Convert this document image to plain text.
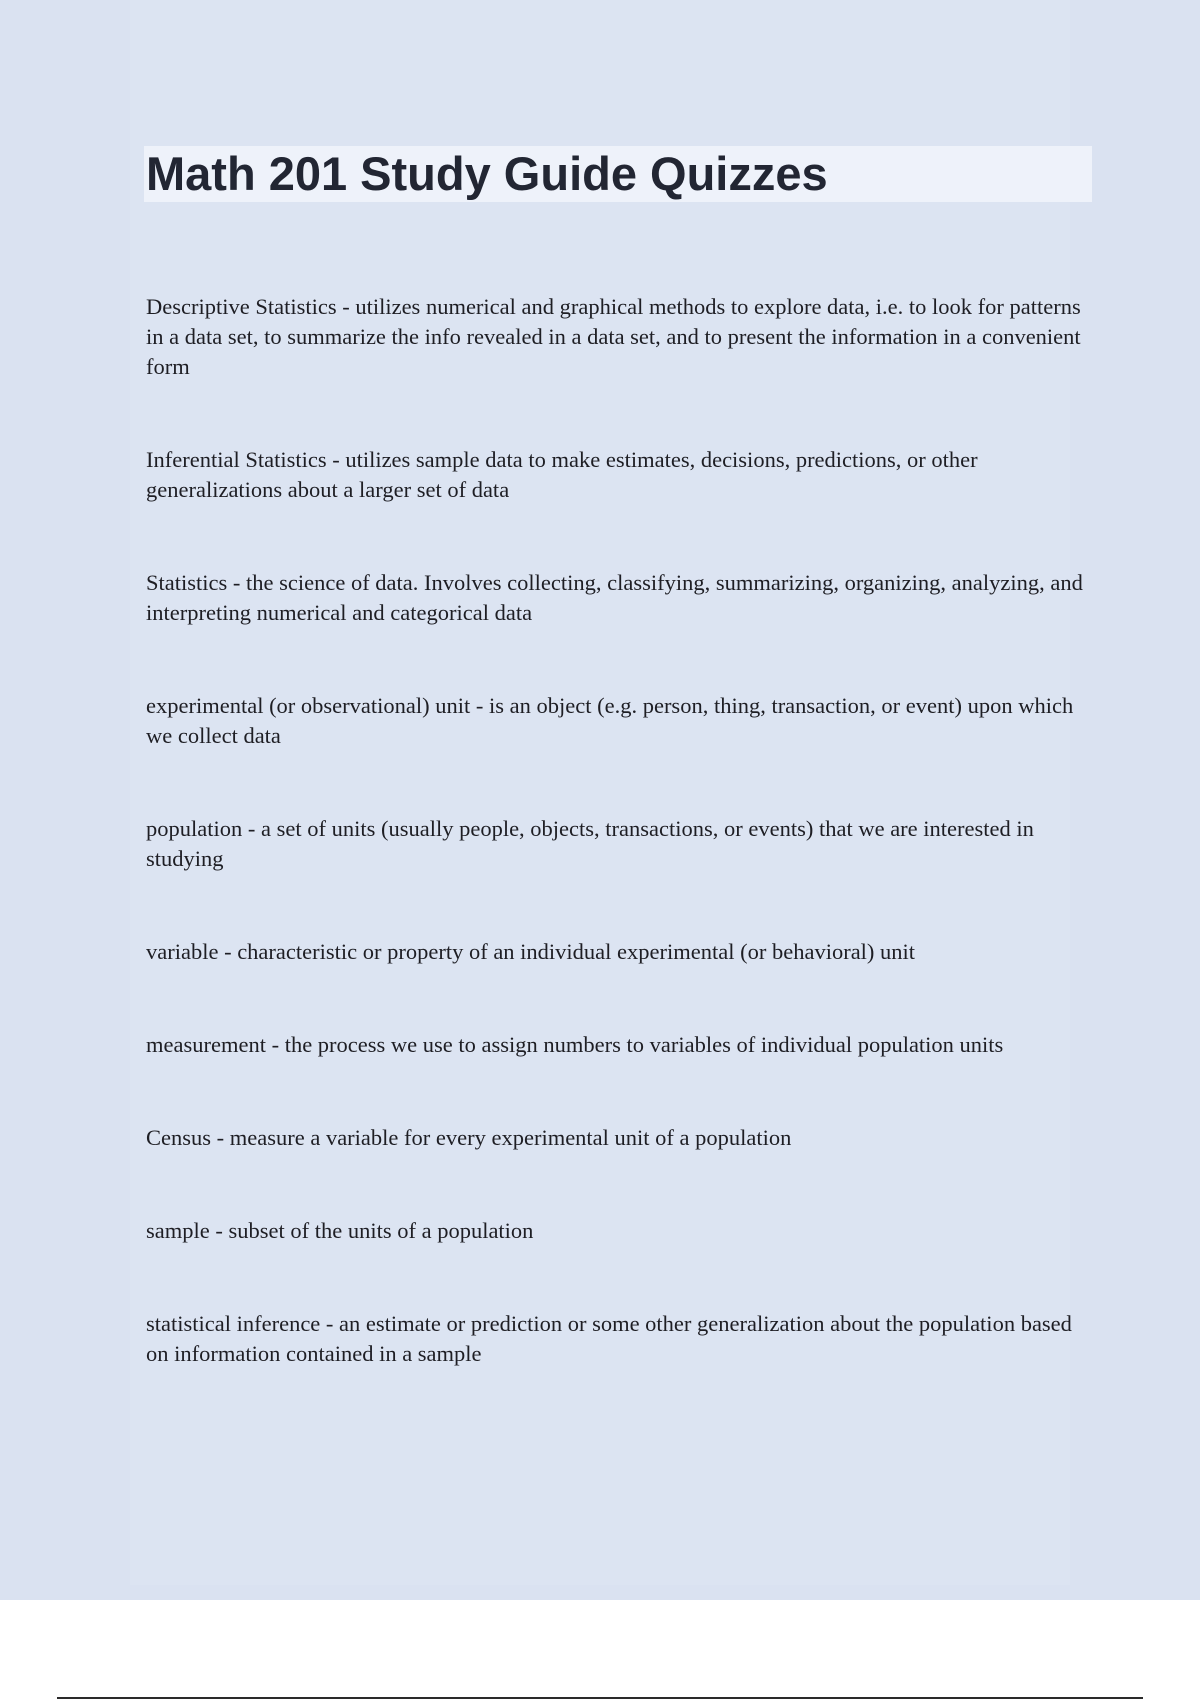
Math 201 Study Guide Quizzes
Descriptive Statistics - utilizes numerical and graphical methods to explore data, i.e. to look for patterns in a data set, to summarize the info revealed in a data set, and to present the information in a convenient form
Inferential Statistics - utilizes sample data to make estimates, decisions, predictions, or other generalizations about a larger set of data
Statistics - the science of data. Involves collecting, classifying, summarizing, organizing, analyzing, and interpreting numerical and categorical data
experimental (or observational) unit - is an object (e.g. person, thing, transaction, or event) upon which we collect data
population - a set of units (usually people, objects, transactions, or events) that we are interested in studying
variable - characteristic or property of an individual experimental (or behavioral) unit
measurement - the process we use to assign numbers to variables of individual population units
Census - measure a variable for every experimental unit of a population
sample - subset of the units of a population
statistical inference - an estimate or prediction or some other generalization about the population based on information contained in a sample
